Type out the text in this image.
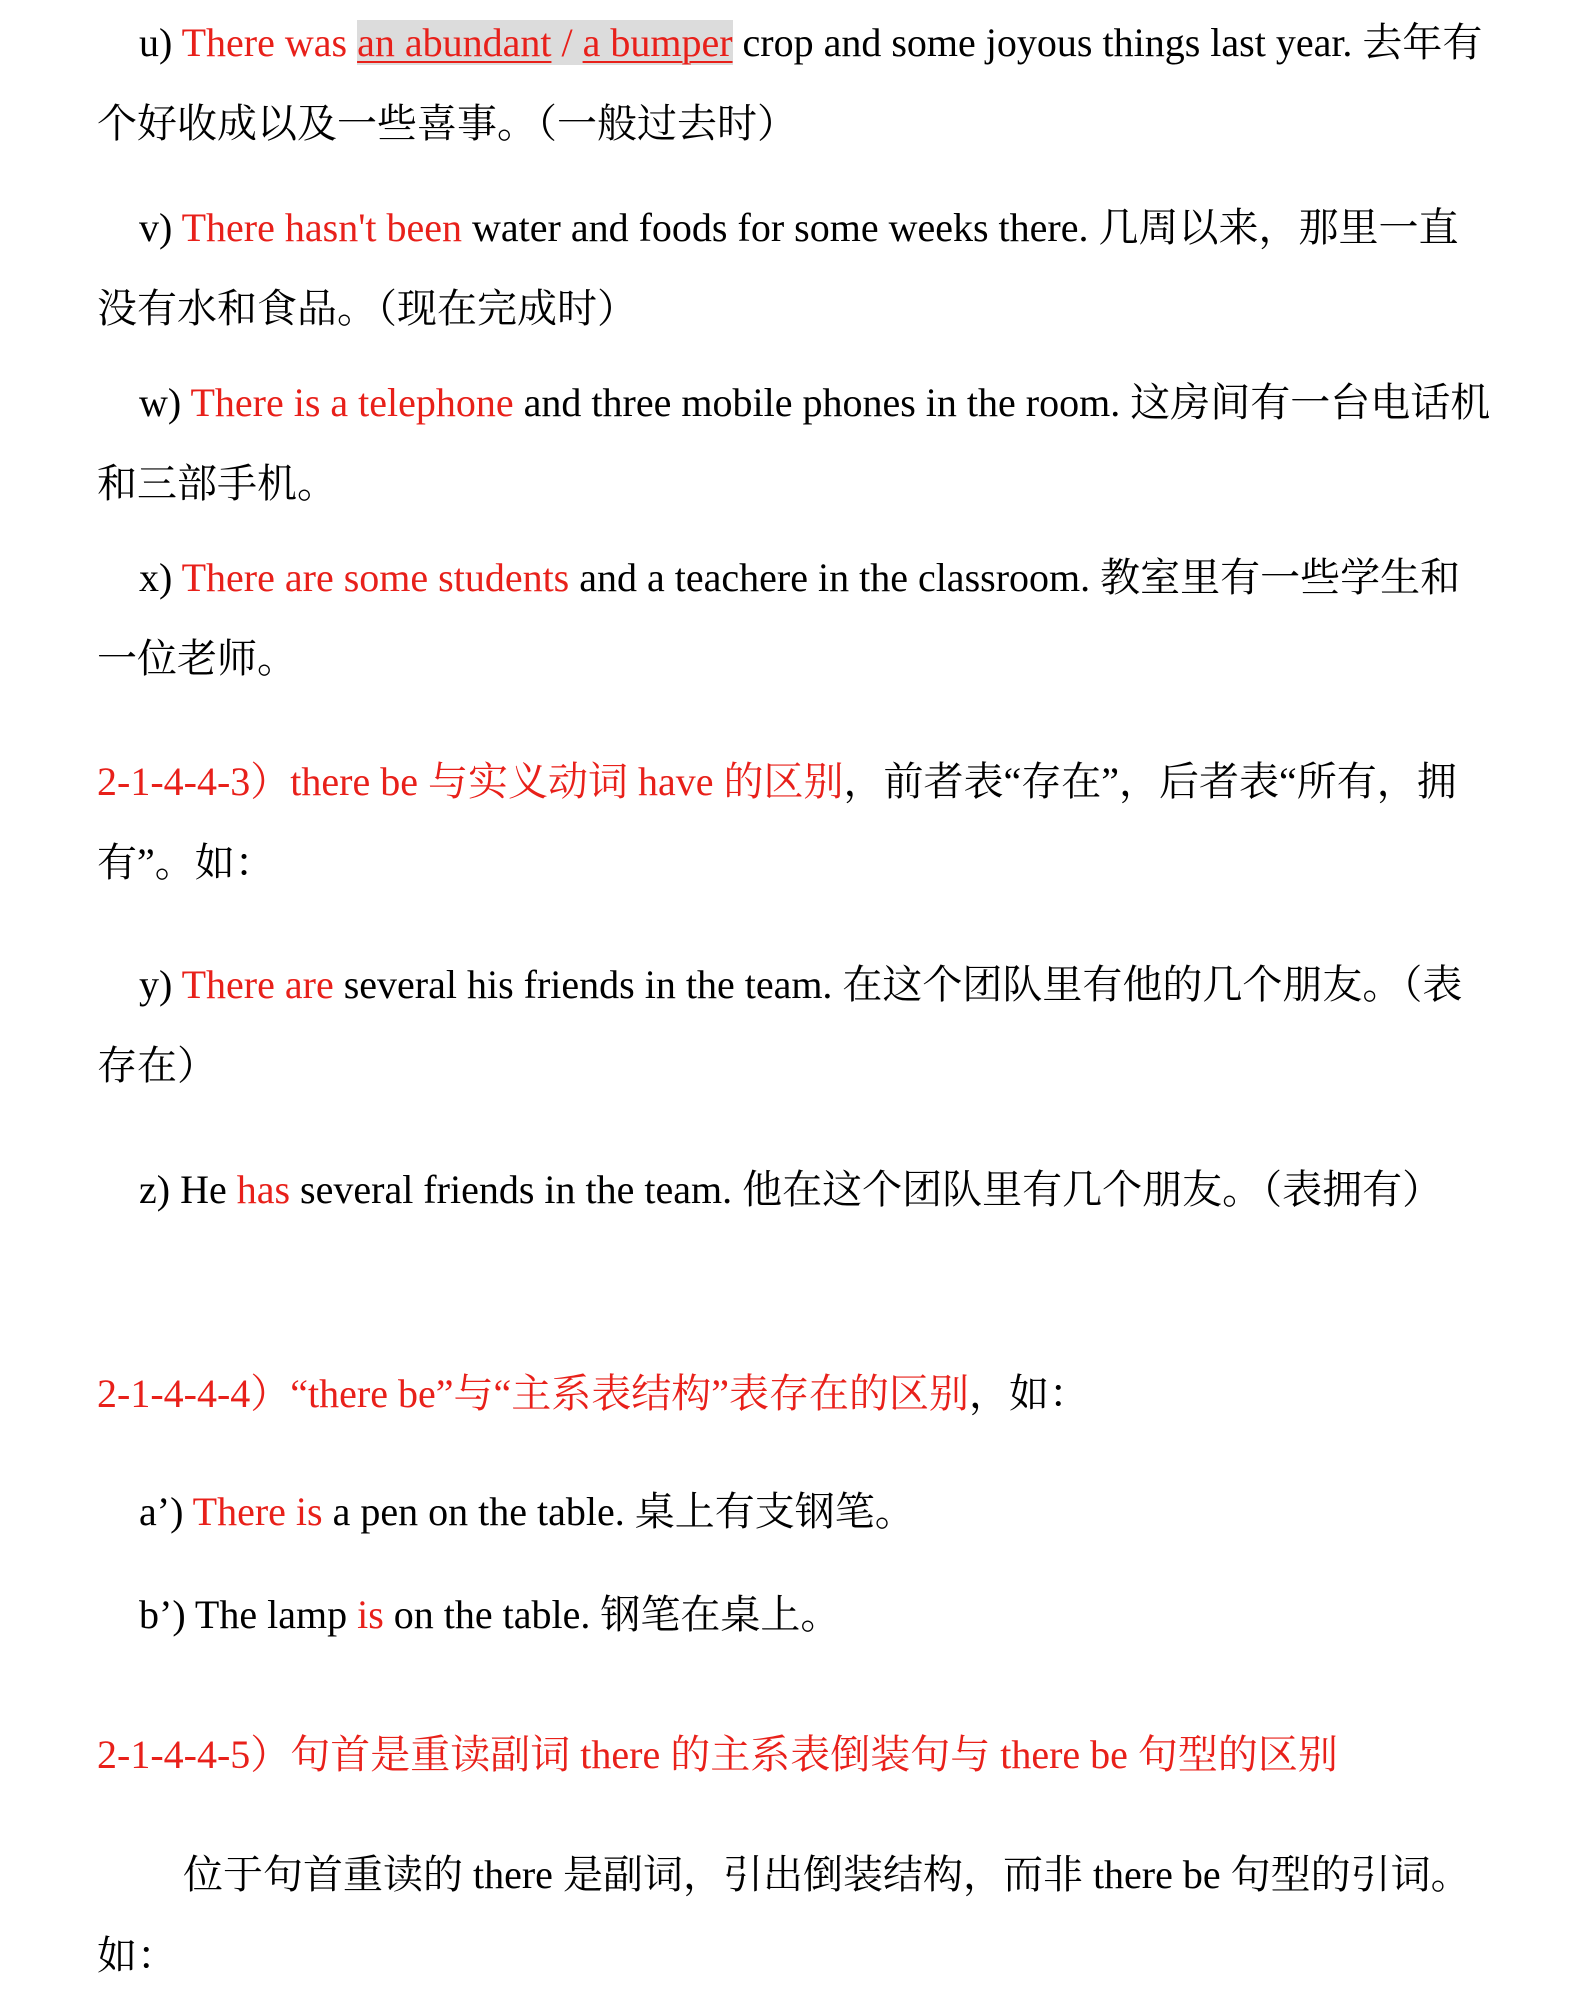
u) There was an abundant / a bumper crop and some joyous things last year. 去年有个好收成以及一些喜事。（一般过去时）
v) There hasn't been water and foods for some weeks there. 几周以来，那里一直没有水和食品。（现在完成时）
w) There is a telephone and three mobile phones in the room. 这房间有一台电话机和三部手机。
x) There are some students and a teachere in the classroom. 教室里有一些学生和一位老师。
2-1-4-4-3）there be 与实义动词 have 的区别，前者表“存在”，后者表“所有，拥有”。如：
y) There are several his friends in the team. 在这个团队里有他的几个朋友。（表存在）
z) He has several friends in the team. 他在这个团队里有几个朋友。（表拥有）
2-1-4-4-4）“there be”与“主系表结构”表存在的区别，如：
a’) There is a pen on the table. 桌上有支钢笔。
b’) The lamp is on the table. 钢笔在桌上。
2-1-4-4-5）句首是重读副词 there 的主系表倒装句与 there be 句型的区别
位于句首重读的 there 是副词，引出倒装结构，而非 there be 句型的引词。如：
